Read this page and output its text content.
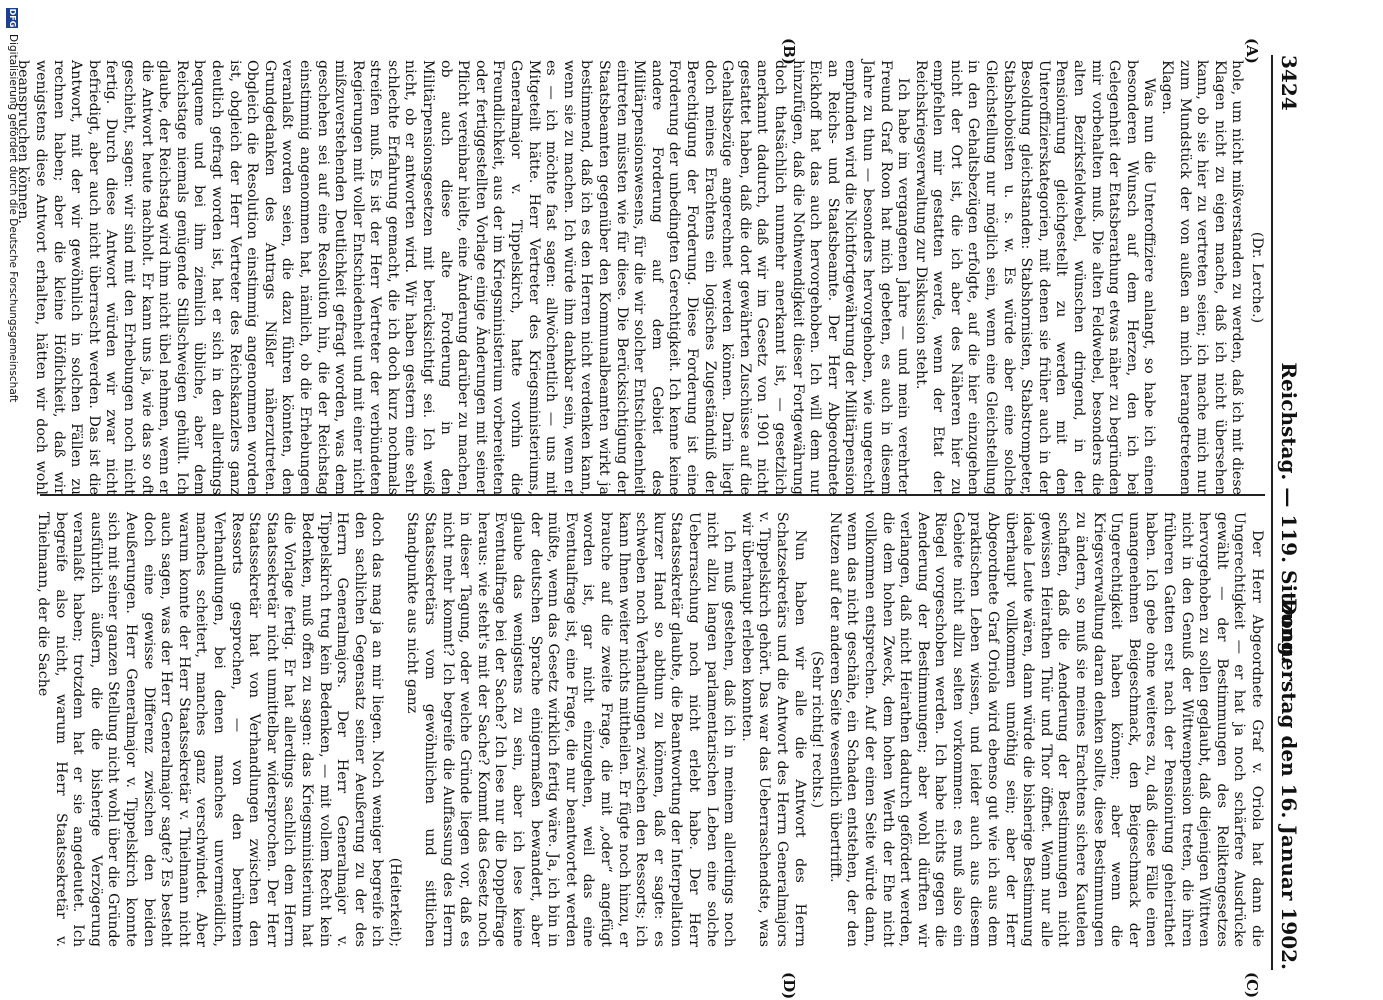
3424
Reichstag. — 119. Sitzung.
Donnerstag den 16. Januar 1902.
(A)
(B)
(C)
(D)

(Dr. Lerche.)

hole, um nicht mißverstanden zu werden, daß ich mit diese Klagen nicht zu eigen mache, daß ich nicht übersehen kann, ob sie hier zu vertreten seien; ich mache mich nur zum Mundstück der von außen an mich herangetretenen Klagen.

Was nun die Unteroffiziere anlangt, so habe ich einen besonderen Wunsch auf dem Herzen, den ich bei Gelegenheit der Etatsberathung etwas näher zu begründen mir vorbehalten muß. Die alten Feldwebel, besonders die alten Bezirksfeldwebel, wünschen dringend, in der Pensionirung gleichgestellt zu werden mit den Unteroffizierskategorien, mit denen sie früher auch in der Besoldung gleichstanden: Stabshornisten, Stabstrompeter, Stabshoboisten u. s. w. Es würde aber eine solche Gleichstellung nur möglich sein, wenn eine Gleichstellung in den Gehaltsbezügen erfolgte, auf die hier einzugehen nicht der Ort ist, die ich aber des Näheren hier zu empfehlen mir gestatten werde, wenn der Etat der Reichskriegsverwaltung zur Diskussion steht.

Ich habe im vergangenen Jahre — und mein verehrter Freund Graf Roon hat mich gebeten, es auch in diesem Jahre zu thun — besonders hervorgehoben, wie ungerecht empfunden wird die Nichtfortgewährung der Militärpension an Reichs- und Staatsbeamte. Der Herr Abgeordnete Eickhoff hat das auch hervorgehoben. Ich will dem nur hinzufügen, daß die Nothwendigkeit dieser Fortgewährung doch thatsächlich nunmehr anerkannt ist, — gesetzlich anerkannt dadurch, daß wir im Gesetz von 1901 nicht gestattet haben, daß die dort gewährten Zuschüsse auf die Gehaltsbezüge angerechnet werden können. Darin liegt doch meines Erachtens ein logisches Zugeständniß der Berechtigung der Forderung. Diese Forderung ist eine Forderung der unbedingten Gerechtigkeit. Ich kenne keine andere Forderung auf dem Gebiet des Militärpensionswesens, für die wir solcher Entschiedenheit eintreten müssten wie für diese. Die Berücksichtigung der Staatsbeamten gegenüber den Kommunalbeamten wirkt ja bestimmend, daß ich es den Herren nicht verdenken kann, wenn sie zu machen. Ich würde ihm dankbar sein, wenn er es — ich möchte fast sagen: allwöchentlich — uns mit Mitgeteilt hätte. Herr Vertreter des Kriegsministeriums, Generalmajor v. Tippelskirch, hatte vorhin die Freundlichkeit, aus der im Kriegsministerium vorbereiteten oder fertiggestellten Vorlage einige Änderungen mit seiner Pflicht vereinbar hielte, eine Änderung darüber zu machen, ob auch diese alte Forderung in den Militärpensionsgesetzen mit berücksichtigt sei. Ich weiß nicht, ob er antworten wird. Wir haben gestern eine sehr schlechte Erfahrung gemacht, die ich doch kurz nochmals streifen muß. Es ist der Herr Vertreter der verbündeten Regierungen mit voller Entschiedenheit und mit einer nicht mißzuverstehenden Deutlichkeit gefragt worden, was dem geschehen sei auf eine Resolution hin, die der Reichstag einstimmig angenommen hat, nämlich, ob die Erhebungen veranlaßt worden seien, die dazu führen könnten, den Grundgedanken des Antrags Nißler näherzutreten. Obgleich die Resolution einstimmig angenommen worden ist, obgleich der Herr Vertreter des Reichskanzlers ganz deutlich gefragt worden ist, hat er sich in den allerdings bequeme und bei ihm ziemlich übliche, aber dem Reichstage niemals genügende Stillschweigen gehüllt. Ich glaube, der Reichstag wird ihm nicht übel nehmen, wenn er die Antwort heute nachholt. Er kann uns ja, wie das so oft geschieht, sagen: wir sind mit den Erhebungen noch nicht fertig. Durch diese Antwort würden wir zwar nicht befriedigt, aber auch nicht überrascht werden. Das ist die Antwort, mit der wir gewöhnlich in solchen Fällen zu rechnen haben; aber die kleine Höflichkeit, daß wir wenigstens diese Antwort erhalten, hätten wir doch wohl beanspruchen können.

Der Herr Abgeordnete Graf v. Oriola hat dann die Ungerechtigkeit — er hat ja noch schärfere Ausdrücke gewählt — der Bestimmungen des Reliktengesetzes hervorgehoben zu sollen geglaubt, daß diejenigen Wittwen nicht in den Genuß der Wittwenpension treten, die ihren früheren Gatten erst nach der Pensionirung geheirathet haben. Ich gebe ohne weiteres zu, daß diese Fälle einen unangenehmen Beigeschmack, den Beigeschmack der Ungerechtigkeit haben können; aber wenn die Kriegsverwaltung daran denken sollte, diese Bestimmungen zu ändern, so muß sie meines Erachtens sichere Kautelen schaffen, daß die Aenderung der Bestimmungen nicht gewissen Heirathen Thür und Thor öffnet. Wenn nur alle ideale Leute wären, dann würde die bisherige Bestimmung überhaupt vollkommen unnöthig sein; aber der Herr Abgeordnete Graf Oriola wird ebenso gut wie ich aus dem praktischen Leben wissen, und leider auch aus diesem Gebiete nicht allzu selten vorkommen: es muß also ein Riegel vorgeschoben werden. Ich habe nichts gegen die Aenderung der Bestimmungen; aber wohl dürften wir verlangen, daß nicht Heirathen dadurch gefördert werden, die dem hohen Zweck, dem hohen Werth der Ehe nicht vollkommen entsprechen. Auf der einen Seite würde dann, wenn das nicht geschähe, ein Schaden entstehen, der den Nutzen auf der anderen Seite wesentlich übertrifft.

(Sehr richtig! rechts.)

Nun haben wir alle die Antwort des Herrn Schatzsekretärs und die Antwort des Herrn Generalmajors v. Tippelskirch gehört. Das war das Ueberraschendste, was wir überhaupt erleben konnten.

Ich muß gestehen, daß ich in meinem allerdings noch nicht allzu langen parlamentarischen Leben eine solche Ueberraschung noch nicht erlebt habe. Der Herr Staatssekretär glaubte, die Beantwortung der Interpellation kurzer Hand so abthun zu können, daß er sagte: es schweben noch Verhandlungen zwischen den Ressorts; ich kann Ihnen weiter nichts mittheilen. Er fügte noch hinzu, er brauche auf die zweite Frage, die mit „oder“ angefügt worden ist, gar nicht einzugehen, weil das eine Eventualfrage ist, eine Frage, die nur beantwortet werden müßte, wenn das Gesetz wirklich fertig wäre. Ja, ich bin in der deutschen Sprache einigermaßen bewandert, aber glaube das wenigstens zu sein, aber ich lese keine Eventualfrage bei der Sache? Ich lese nur die Doppelfrage heraus: wie steht's mit der Sache? Kommt das Gesetz noch in dieser Tagung, oder welche Gründe liegen vor, daß es nicht mehr kommt? Ich begreife die Auffassung des Herrn Staatssekretärs vom gewöhnlichen und sittlichen Standpunkte aus nicht ganz

(Heiterkeit);

doch das mag ja an mir liegen. Noch weniger begreife ich den sachlichen Gegensatz seiner Aeußerung zu der des Herrn Generalmajors. Der Herr Generalmajor v. Tippelskirch trug kein Bedenken, — mit vollem Recht kein Bedenken, muß offen zu sagen: das Kriegsministerium hat die Vorlage fertig. Er hat allerdings sachlich dem Herrn Staatssekretär nicht unmittelbar widersprochen. Der Herr Staatssekretär hat von Verhandlungen zwischen den Ressorts gesprochen, — von den berühmten Verhandlungen, bei denen manches unvermeidlich, manches scheitert, manches ganz verschwindet. Aber warum konnte der Herr Staatssekretär v. Thielmann nicht auch sagen, was der Herr Generalmajor sagte? Es besteht doch eine gewisse Differenz zwischen den beiden Aeußerungen. Herr Generalmajor v. Tippelskirch konnte sich mit seiner ganzen Stellung nicht wohl über die Gründe ausführlich äußern, die die bisherige Verzögerung veranlaßt haben; trotzdem hat er sie angedeutet. Ich begreife also nicht, warum Herr Staatssekretär v. Thielmann, der die Sache

DFG
Digitalisierung gefördert durch die Deutsche Forschungsgemeinschaft
